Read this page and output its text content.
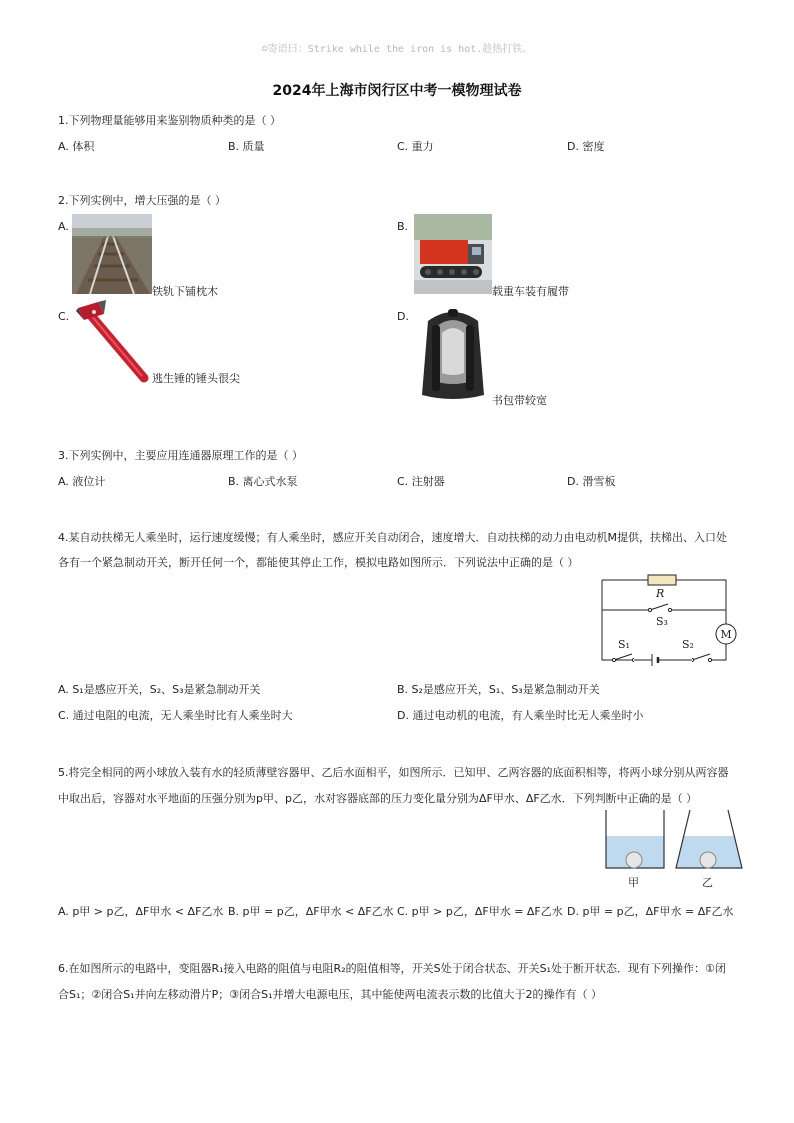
☺寄语曰：Strike while the iron is hot.趁热打铁。
2024年上海市闵行区中考一模物理试卷
1.下列物理量能够用来鉴别物质种类的是（ ）
A. 体积	B. 质量	C. 重力	D. 密度
2.下列实例中，增大压强的是（ ）
A.	B.
C.	D.
铁轨下铺枕木	载重车装有履带
逃生锤的锤头很尖
书包带较宽
3.下列实例中，主要应用连通器原理工作的是（ ）
A. 液位计	B. 离心式水泵	C. 注射器	D. 滑雪板
4.某自动扶梯无人乘坐时，运行速度缓慢；有人乘坐时，感应开关自动闭合，速度增大．自动扶梯的动力由电动机M提供，扶梯出、入口处
各有一个紧急制动开关，断开任何一个，都能使其停止工作，模拟电路如图所示．下列说法中正确的是（ ）
M
R
S₃
S₁	S₂
A. S₁是感应开关，S₂、S₃是紧急制动开关	B. S₂是感应开关，S₁、S₃是紧急制动开关
C. 通过电阻的电流，无人乘坐时比有人乘坐时大	D. 通过电动机的电流，有人乘坐时比无人乘坐时小
5.将完全相同的两小球放入装有水的轻质薄壁容器甲、乙后水面相平，如图所示．已知甲、乙两容器的底面积相等，将两小球分别从两容器
中取出后，容器对水平地面的压强分别为p甲、p乙，水对容器底部的压力变化量分别为ΔF甲水、ΔF乙水．下列判断中正确的是（ ）
甲	乙
A. p甲 > p乙，ΔF甲水 < ΔF乙水 B. p甲 = p乙，ΔF甲水 < ΔF乙水 C. p甲 > p乙，ΔF甲水 = ΔF乙水 D. p甲 = p乙，ΔF甲水 = ΔF乙水
6.在如图所示的电路中，变阻器R₁接入电路的阻值与电阻R₂的阻值相等，开关S处于闭合状态、开关S₁处于断开状态．现有下列操作：①闭
合S₁；②闭合S₁并向左移动滑片P；③闭合S₁并增大电源电压，其中能使两电流表示数的比值大于2的操作有（ ）
